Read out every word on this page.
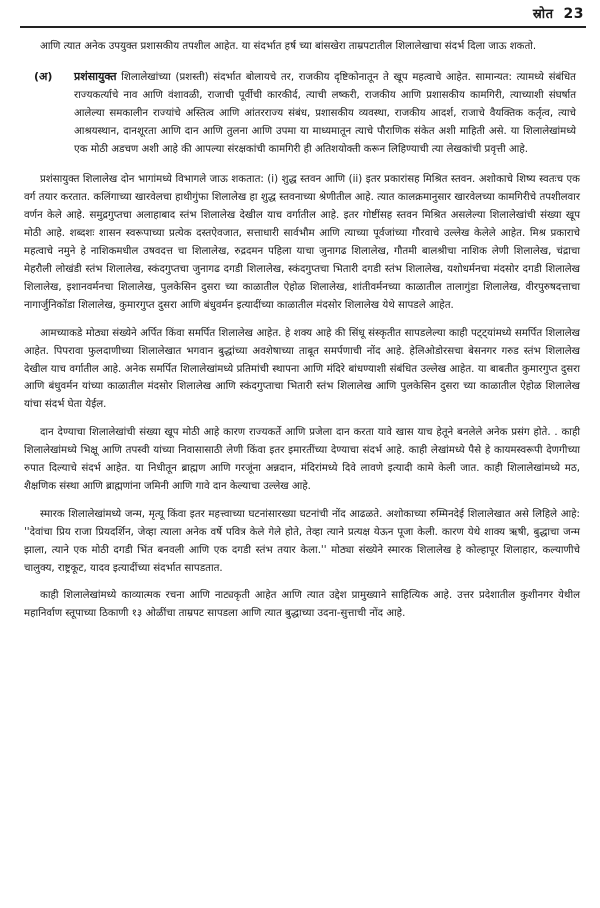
स्रोत 23

आणि त्यात अनेक उपयुक्त प्रशासकीय तपशील आहेत. या संदर्भात हर्ष च्या बांसखेरा ताम्रपटातील शिलालेखाचा संदर्भ दिला जाऊ शकतो.

(अ)	प्रशंसायुक्त शिलालेखांच्या (प्रशस्ती) संदर्भात बोलायचे तर, राजकीय दृष्टिकोनातून ते खूप महत्वाचे आहेत. सामान्यत: त्यामध्ये संबंधित राज्यकर्त्याचे नाव आणि वंशावळी, राजाची पूर्वीची कारकीर्द, त्याची लष्करी, राजकीय आणि प्रशासकीय कामगिरी, त्याच्याशी संघर्षात आलेल्या समकालीन राज्यांचे अस्तित्व आणि आंतरराज्य संबंध, प्रशासकीय व्यवस्था, राजकीय आदर्श, राजाचे वैयक्तिक कर्तृत्व, त्याचे आश्रयस्थान, दानशूरता आणि दान आणि तुलना आणि उपमा या माध्यमातून त्याचे पौराणिक संकेत अशी माहिती असे. या शिलालेखांमध्ये एक मोठी अडचण अशी आहे की आपल्या संरक्षकांची कामगिरी ही अतिशयोक्ती करून लिहिण्याची त्या लेखकांची प्रवृत्ती आहे.

प्रशंसायुक्त शिलालेख दोन भागांमध्ये विभागले जाऊ शकतात: (i) शुद्ध स्तवन आणि (ii) इतर प्रकारांसह मिश्रित स्तवन. अशोकाचे शिष्य स्वतःच एक वर्ग तयार करतात. कलिंगाच्या खारवेलचा हाथीगुंफा शिलालेख हा शुद्ध स्तवनाच्या श्रेणीतील आहे. त्यात कालक्रमानुसार खारवेलच्या कामगिरीचे तपशीलवार वर्णन केले आहे. समुद्रगुप्तचा अलाहाबाद स्तंभ शिलालेख देखील याच वर्गातील आहे. इतर गोष्टींसह स्तवन मिश्रित असलेल्या शिलालेखांची संख्या खूप मोठी आहे. शब्दशः शासन स्वरूपाच्या प्रत्येक दस्तऐवजात, सत्ताधारी सार्वभौम आणि त्याच्या पूर्वजांच्या गौरवाचे उल्लेख केलेले आहेत. मिश्र प्रकाराचे महत्वाचे नमुने हे नाशिकमधील उषवदत्त चा शिलालेख, रुद्रदमन पहिला याचा जुनागढ शिलालेख, गौतमी बालश्रीचा नाशिक लेणी शिलालेख, चंद्राचा मेहरौली लोखंडी स्तंभ शिलालेख, स्कंदगुप्तचा जुनागढ दगडी शिलालेख, स्कंदगुप्तचा भितारी दगडी स्तंभ शिलालेख, यशोधर्मनचा मंदसोर दगडी शिलालेख शिलालेख, इशानवर्मनचा शिलालेख, पुलकेसिन दुसरा च्या काळातील ऐहोळ शिलालेख, शांतीवर्मनच्या काळातील तालागुंडा शिलालेख, वीरपुरुषदत्ताचा नागार्जुनिकोंडा शिलालेख, कुमारगुप्त दुसरा आणि बंधुवर्मन इत्यादींच्या काळातील मंदसोर शिलालेख येथे सापडले आहेत.

आमच्याकडे मोठ्या संख्येने अर्पित किंवा समर्पित शिलालेख आहेत. हे शक्य आहे की सिंधू संस्कृतीत सापडलेल्या काही पट्ट्यांमध्ये समर्पित शिलालेख आहेत. पिपरावा फुलदाणीच्या शिलालेखात भगवान बुद्धांच्या अवशेषाच्या ताबूत समर्पणाची नोंद आहे. हेलिओडोरसचा बेसनगर गरुड स्तंभ शिलालेख देखील याच वर्गातील आहे. अनेक समर्पित शिलालेखांमध्ये प्रतिमांची स्थापना आणि मंदिरे बांधण्याशी संबंधित उल्लेख आहेत. या बाबतीत कुमारगुप्त दुसरा आणि बंधुवर्मन यांच्या काळातील मंदसोर शिलालेख आणि स्कंदगुप्ताचा भितारी स्तंभ शिलालेख आणि पुलकेसिन दुसरा च्या काळातील ऐहोळ शिलालेख यांचा संदर्भ घेता येईल.

दान देण्याचा शिलालेखांची संख्या खूप मोठी आहे कारण राज्यकर्ते आणि प्रजेला दान करता यावे खास याच हेतूने बनलेले अनेक प्रसंग होते. . काही शिलालेखांमध्ये भिक्षू आणि तपस्वी यांच्या निवासासाठी लेणी किंवा इतर इमारतींच्या देण्याचा संदर्भ आहे. काही लेखांमध्ये पैसे हे कायमस्वरूपी देणगीच्या रुपात दिल्याचे संदर्भ आहेत. या निधीतून ब्राह्मण आणि गरजूंना अन्नदान, मंदिरांमध्ये दिवे लावणे इत्यादी कामे केली जात. काही शिलालेखांमध्ये मठ, शैक्षणिक संस्था आणि ब्राह्मणांना जमिनी आणि गावे दान केल्याचा उल्लेख आहे.

स्मारक शिलालेखांमध्ये जन्म, मृत्यू किंवा इतर महत्त्वाच्या घटनांसारख्या घटनांची नोंद आढळते. अशोकाच्या रुम्मिनदेई शिलालेखात असे लिहिले आहे: ''देवांचा प्रिय राजा प्रियदर्शिन, जेव्हा त्याला अनेक वर्षे पवित्र केले गेले होते, तेव्हा त्याने प्रत्यक्ष येऊन पूजा केली. कारण येथे शाक्य ऋषी, बुद्धाचा जन्म झाला, त्याने एक मोठी दगडी भिंत बनवली आणि एक दगडी स्तंभ तयार केला.'' मोठ्या संख्येने स्मारक शिलालेख हे कोल्हापूर शिलाहार, कल्याणीचे चालुक्य, राष्ट्रकूट, यादव इत्यादींच्या संदर्भात सापडतात.

काही शिलालेखांमध्ये काव्यात्मक रचना आणि नाट्यकृती आहेत आणि त्यात उद्देश प्रामुख्याने साहित्यिक आहे. उत्तर प्रदेशातील कुशीनगर येथील महानिर्वाण स्तूपाच्या ठिकाणी १३ ओळींचा ताम्रपट सापडला आणि त्यात बुद्धाच्या उदना-सुत्ताची नोंद आहे.
